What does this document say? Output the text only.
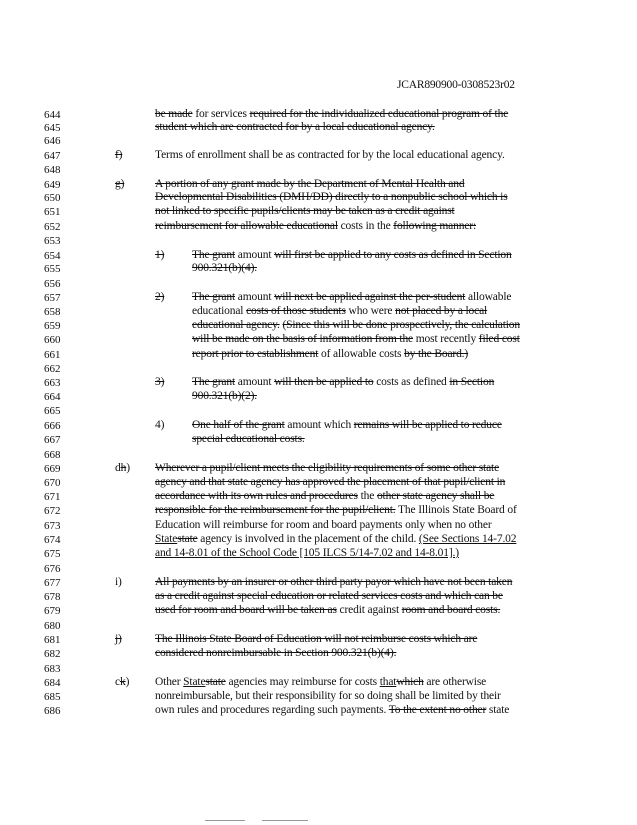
JCAR890900-0308523r02
644
645
646
647
648
649
650
651
652
653
654
655
656
657
658
659
660
661
662
663
664
665
666
667
668
669
670
671
672
673
674
675
676
677
678
679
680
681
682
683
684
685
686
be made for services required for the individualized educational program of the
student which are contracted for by a local educational agency.
f)	Terms of enrollment shall be as contracted for by the local educational agency.
g)	A portion of any grant made by the Department of Mental Health and
Developmental Disabilities (DMH/DD) directly to a nonpublic school which is
not linked to specific pupils/clients may be taken as a credit against
reimbursement for allowable educational costs in the following manner:
1) The grant amount will first be applied to any costs as defined in Section
900.321(b)(4).
2) The grant amount will next be applied against the per-student allowable
educational costs of those students who were not placed by a local
educational agency. (Since this will be done prospectively, the calculation
will be made on the basis of information from the most recently filed cost
report prior to establishment of allowable costs by the Board.)
3) The grant amount will then be applied to costs as defined in Section
900.321(b)(2).
4) One half of the grant amount which remains will be applied to reduce
special educational costs.
dh) Wherever a pupil/client meets the eligibility requirements of some other state
agency and that state agency has approved the placement of that pupil/client in
accordance with its own rules and procedures the other state agency shall be
responsible for the reimbursement for the pupil/client. The Illinois State Board of
Education will reimburse for room and board payments only when no other
Statestate agency is involved in the placement of the child. (See Sections 14-7.02
and 14-8.01 of the School Code [105 ILCS 5/14-7.02 and 14-8.01].)
i)	All payments by an insurer or other third party payor which have not been taken
as a credit against special education or related services costs and which can be
used for room and board will be taken as credit against room and board costs.
j)	The Illinois State Board of Education will not reimburse costs which are
considered nonreimbursable in Section 900.321(b)(4).
ck) Other Statestate agencies may reimburse for costs thatwhich are otherwise
nonreimbursable, but their responsibility for so doing shall be limited by their
own rules and procedures regarding such payments. To the extent no other state
